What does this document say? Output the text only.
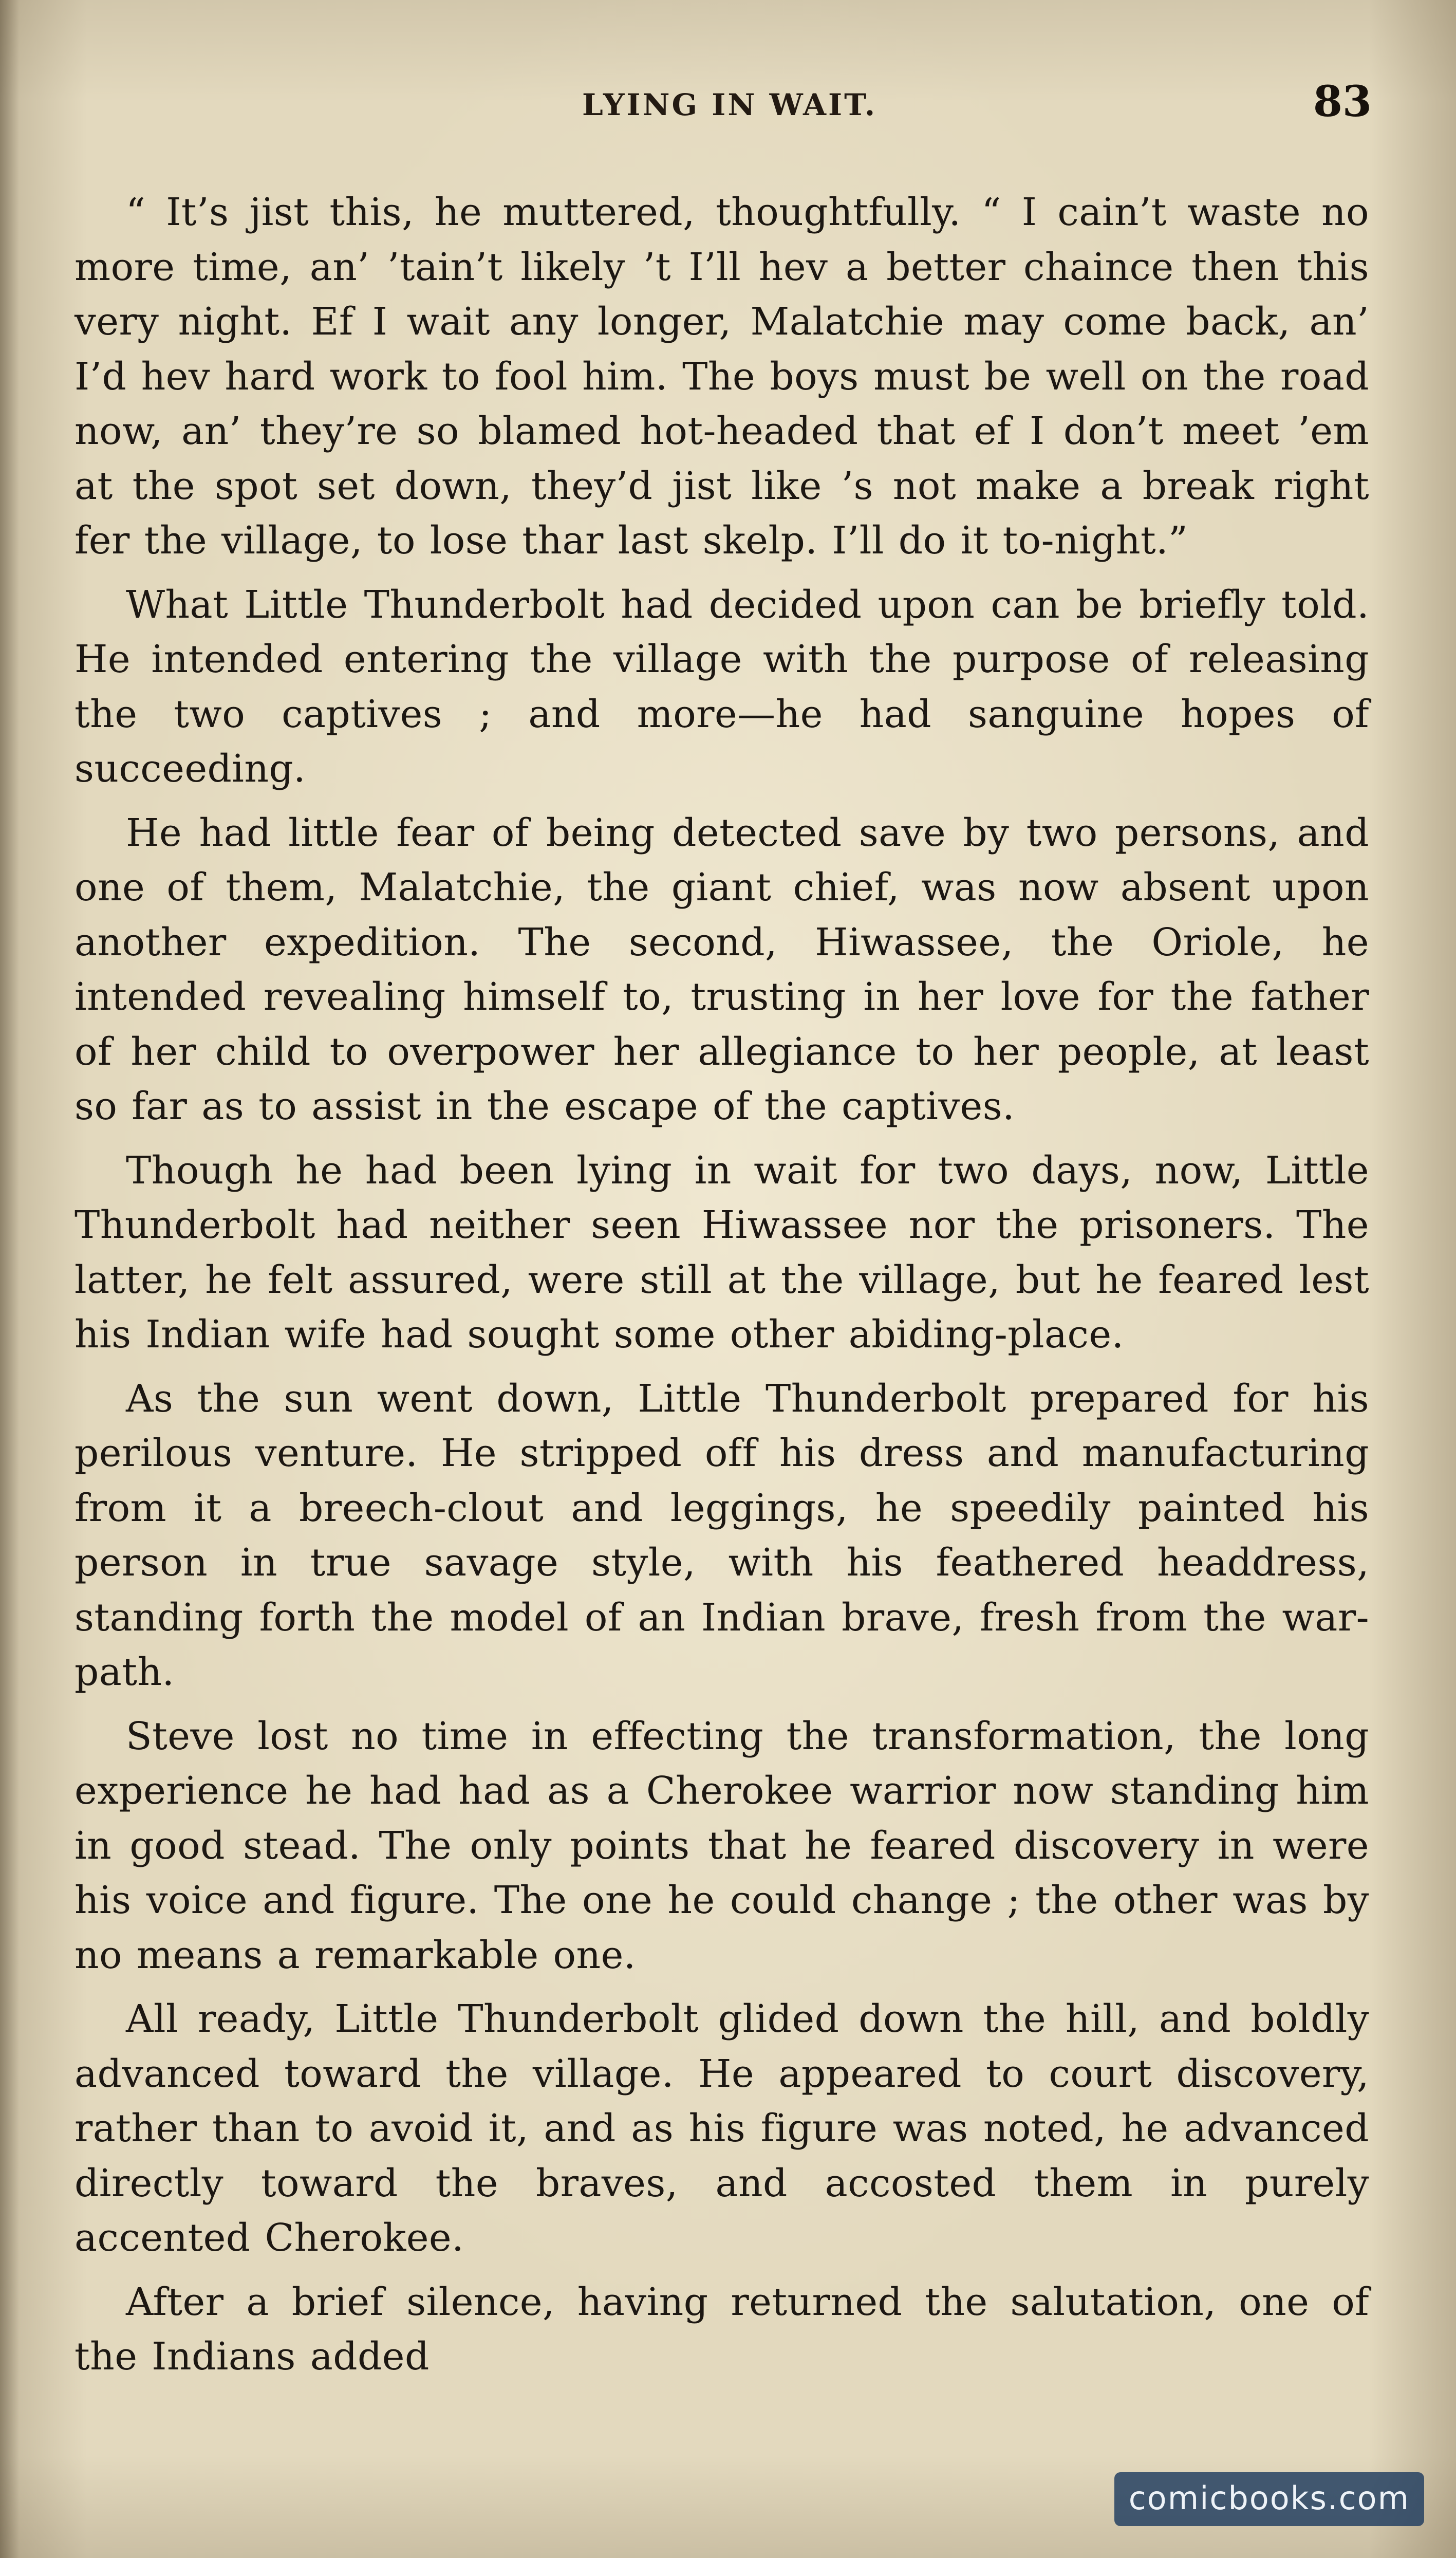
LYING IN WAIT.	83

“ It’s jist this, he muttered, thoughtfully. “ I cain’t waste no more time, an’ ’tain’t likely ’t I’ll hev a better chaince then this very night. Ef I wait any longer, Malatchie may come back, an’ I’d hev hard work to fool him. The boys must be well on the road now, an’ they’re so blamed hot-headed that ef I don’t meet ’em at the spot set down, they’d jist like ’s not make a break right fer the village, to lose thar last skelp. I’ll do it to-night.”

What Little Thunderbolt had decided upon can be briefly told. He intended entering the village with the purpose of releasing the two captives ; and more—he had sanguine hopes of succeeding.

He had little fear of being detected save by two persons, and one of them, Malatchie, the giant chief, was now absent upon another expedition. The second, Hiwassee, the Oriole, he intended revealing himself to, trusting in her love for the father of her child to overpower her allegiance to her people, at least so far as to assist in the escape of the captives.

Though he had been lying in wait for two days, now, Little Thunderbolt had neither seen Hiwassee nor the prisoners. The latter, he felt assured, were still at the village, but he feared lest his Indian wife had sought some other abiding-place.

As the sun went down, Little Thunderbolt prepared for his perilous venture. He stripped off his dress and manufacturing from it a breech-clout and leggings, he speedily painted his person in true savage style, with his feathered headdress, standing forth the model of an Indian brave, fresh from the war-path.

Steve lost no time in effecting the transformation, the long experience he had had as a Cherokee warrior now standing him in good stead. The only points that he feared discovery in were his voice and figure. The one he could change ; the other was by no means a remarkable one.

All ready, Little Thunderbolt glided down the hill, and boldly advanced toward the village. He appeared to court discovery, rather than to avoid it, and as his figure was noted, he advanced directly toward the braves, and accosted them in purely accented Cherokee.

After a brief silence, having returned the salutation, one of the Indians added

comicbooks.com
